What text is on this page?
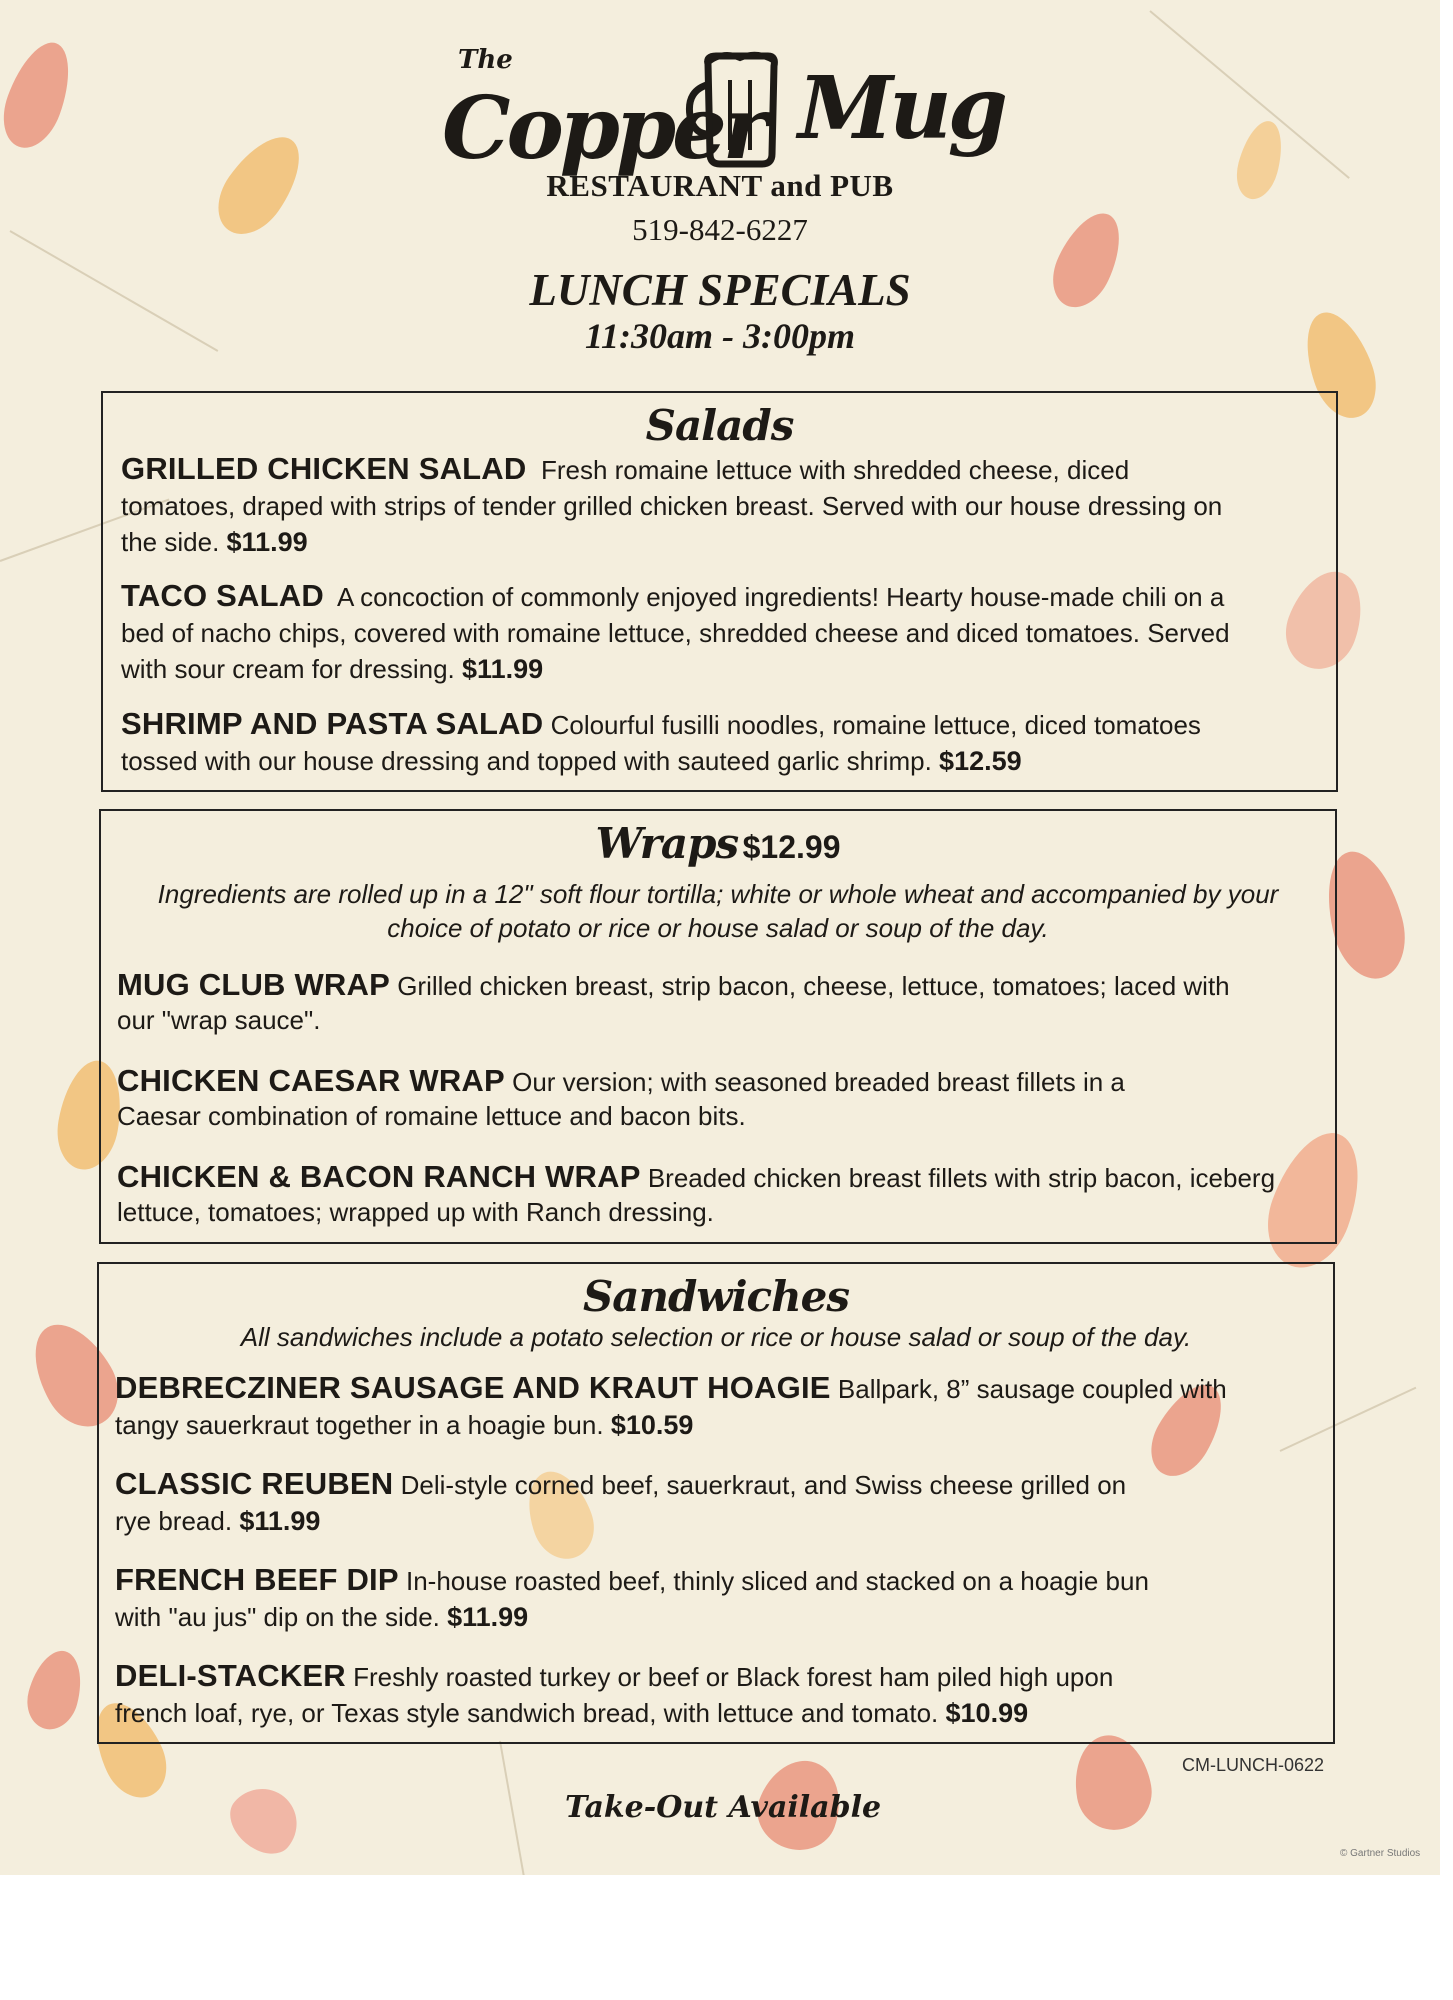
The
Copper Mug
RESTAURANT and PUB
519-842-6227
LUNCH SPECIALS
11:30am - 3:00pm
Salads
GRILLED CHICKEN SALAD Fresh romaine lettuce with shredded cheese, diced
tomatoes, draped with strips of tender grilled chicken breast. Served with our house dressing on
the side. $11.99
TACO SALAD A concoction of commonly enjoyed ingredients! Hearty house-made chili on a
bed of nacho chips, covered with romaine lettuce, shredded cheese and diced tomatoes. Served
with sour cream for dressing. $11.99
SHRIMP AND PASTA SALAD Colourful fusilli noodles, romaine lettuce, diced tomatoes
tossed with our house dressing and topped with sauteed garlic shrimp. $12.59
Wraps $12.99
Ingredients are rolled up in a 12" soft flour tortilla; white or whole wheat and accompanied by your
choice of potato or rice or house salad or soup of the day.
MUG CLUB WRAP Grilled chicken breast, strip bacon, cheese, lettuce, tomatoes; laced with
our "wrap sauce".
CHICKEN CAESAR WRAP Our version; with seasoned breaded breast fillets in a
Caesar combination of romaine lettuce and bacon bits.
CHICKEN & BACON RANCH WRAP Breaded chicken breast fillets with strip bacon, iceberg
lettuce, tomatoes; wrapped up with Ranch dressing.
Sandwiches
All sandwiches include a potato selection or rice or house salad or soup of the day.
DEBRECZINER SAUSAGE AND KRAUT HOAGIE Ballpark, 8” sausage coupled with
tangy sauerkraut together in a hoagie bun. $10.59
CLASSIC REUBEN Deli-style corned beef, sauerkraut, and Swiss cheese grilled on
rye bread. $11.99
FRENCH BEEF DIP In-house roasted beef, thinly sliced and stacked on a hoagie bun
with "au jus" dip on the side. $11.99
DELI-STACKER Freshly roasted turkey or beef or Black forest ham piled high upon
french loaf, rye, or Texas style sandwich bread, with lettuce and tomato. $10.99
CM-LUNCH-0622
Take-Out Available
© Gartner Studios
